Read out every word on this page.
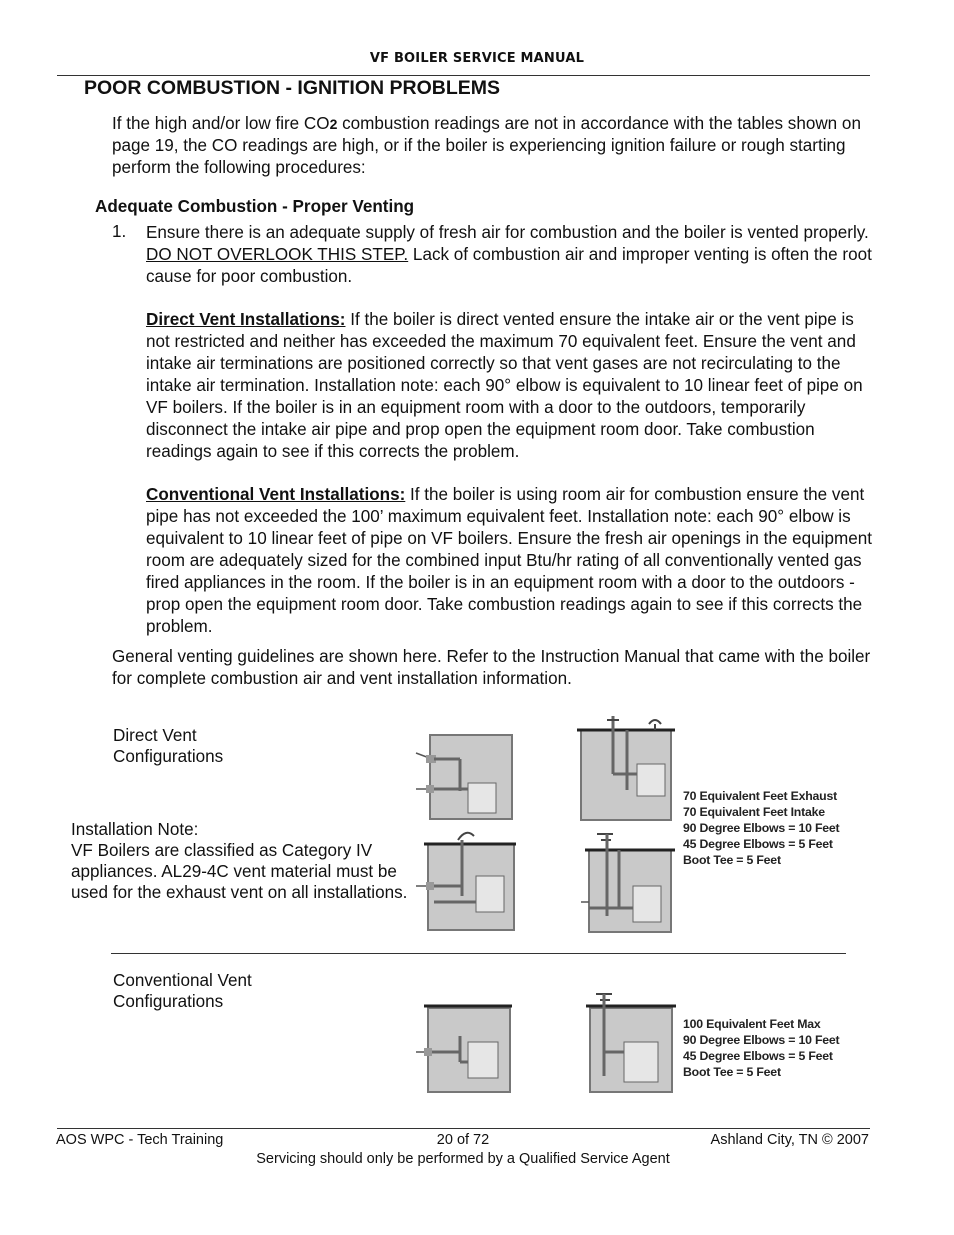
VF BOILER SERVICE MANUAL
POOR COMBUSTION - IGNITION PROBLEMS
If the high and/or low fire CO2 combustion readings are not in accordance with the tables shown on page 19, the CO readings are high, or if the boiler is experiencing ignition failure or rough starting perform the following procedures:
Adequate Combustion - Proper Venting
1. Ensure there is an adequate supply of fresh air for combustion and the boiler is vented properly. DO NOT OVERLOOK THIS STEP. Lack of combustion air and improper venting is often the root cause for poor combustion.
Direct Vent Installations: If the boiler is direct vented ensure the intake air or the vent pipe is not restricted and neither has exceeded the maximum 70 equivalent feet. Ensure the vent and intake air terminations are positioned correctly so that vent gases are not recirculating to the intake air termination. Installation note: each 90° elbow is equivalent to 10 linear feet of pipe on VF boilers. If the boiler is in an equipment room with a door to the outdoors, temporarily disconnect the intake air pipe and prop open the equipment room door. Take combustion readings again to see if this corrects the problem.
Conventional Vent Installations: If the boiler is using room air for combustion ensure the vent pipe has not exceeded the 100’ maximum equivalent feet. Installation note: each 90° elbow is equivalent to 10 linear feet of pipe on VF boilers. Ensure the fresh air openings in the equipment room are adequately sized for the combined input Btu/hr rating of all conventionally vented gas fired appliances in the room. If the boiler is in an equipment room with a door to the outdoors - prop open the equipment room door. Take combustion readings again to see if this corrects the problem.
General venting guidelines are shown here. Refer to the Instruction Manual that came with the boiler for complete combustion air and vent installation information.
Direct Vent
Configurations
Installation Note:
VF Boilers are classified as Category IV appliances. AL29-4C vent material must be used for the exhaust vent on all installations.
70 Equivalent Feet Exhaust
70 Equivalent Feet Intake
90 Degree Elbows = 10 Feet
45 Degree Elbows = 5 Feet
Boot Tee = 5 Feet
Conventional Vent
Configurations
100 Equivalent Feet Max
90 Degree Elbows = 10 Feet
45 Degree Elbows = 5 Feet
Boot Tee = 5 Feet
AOS WPC - Tech Training	20 of 72	Ashland City, TN © 2007
Servicing should only be performed by a Qualified Service Agent
